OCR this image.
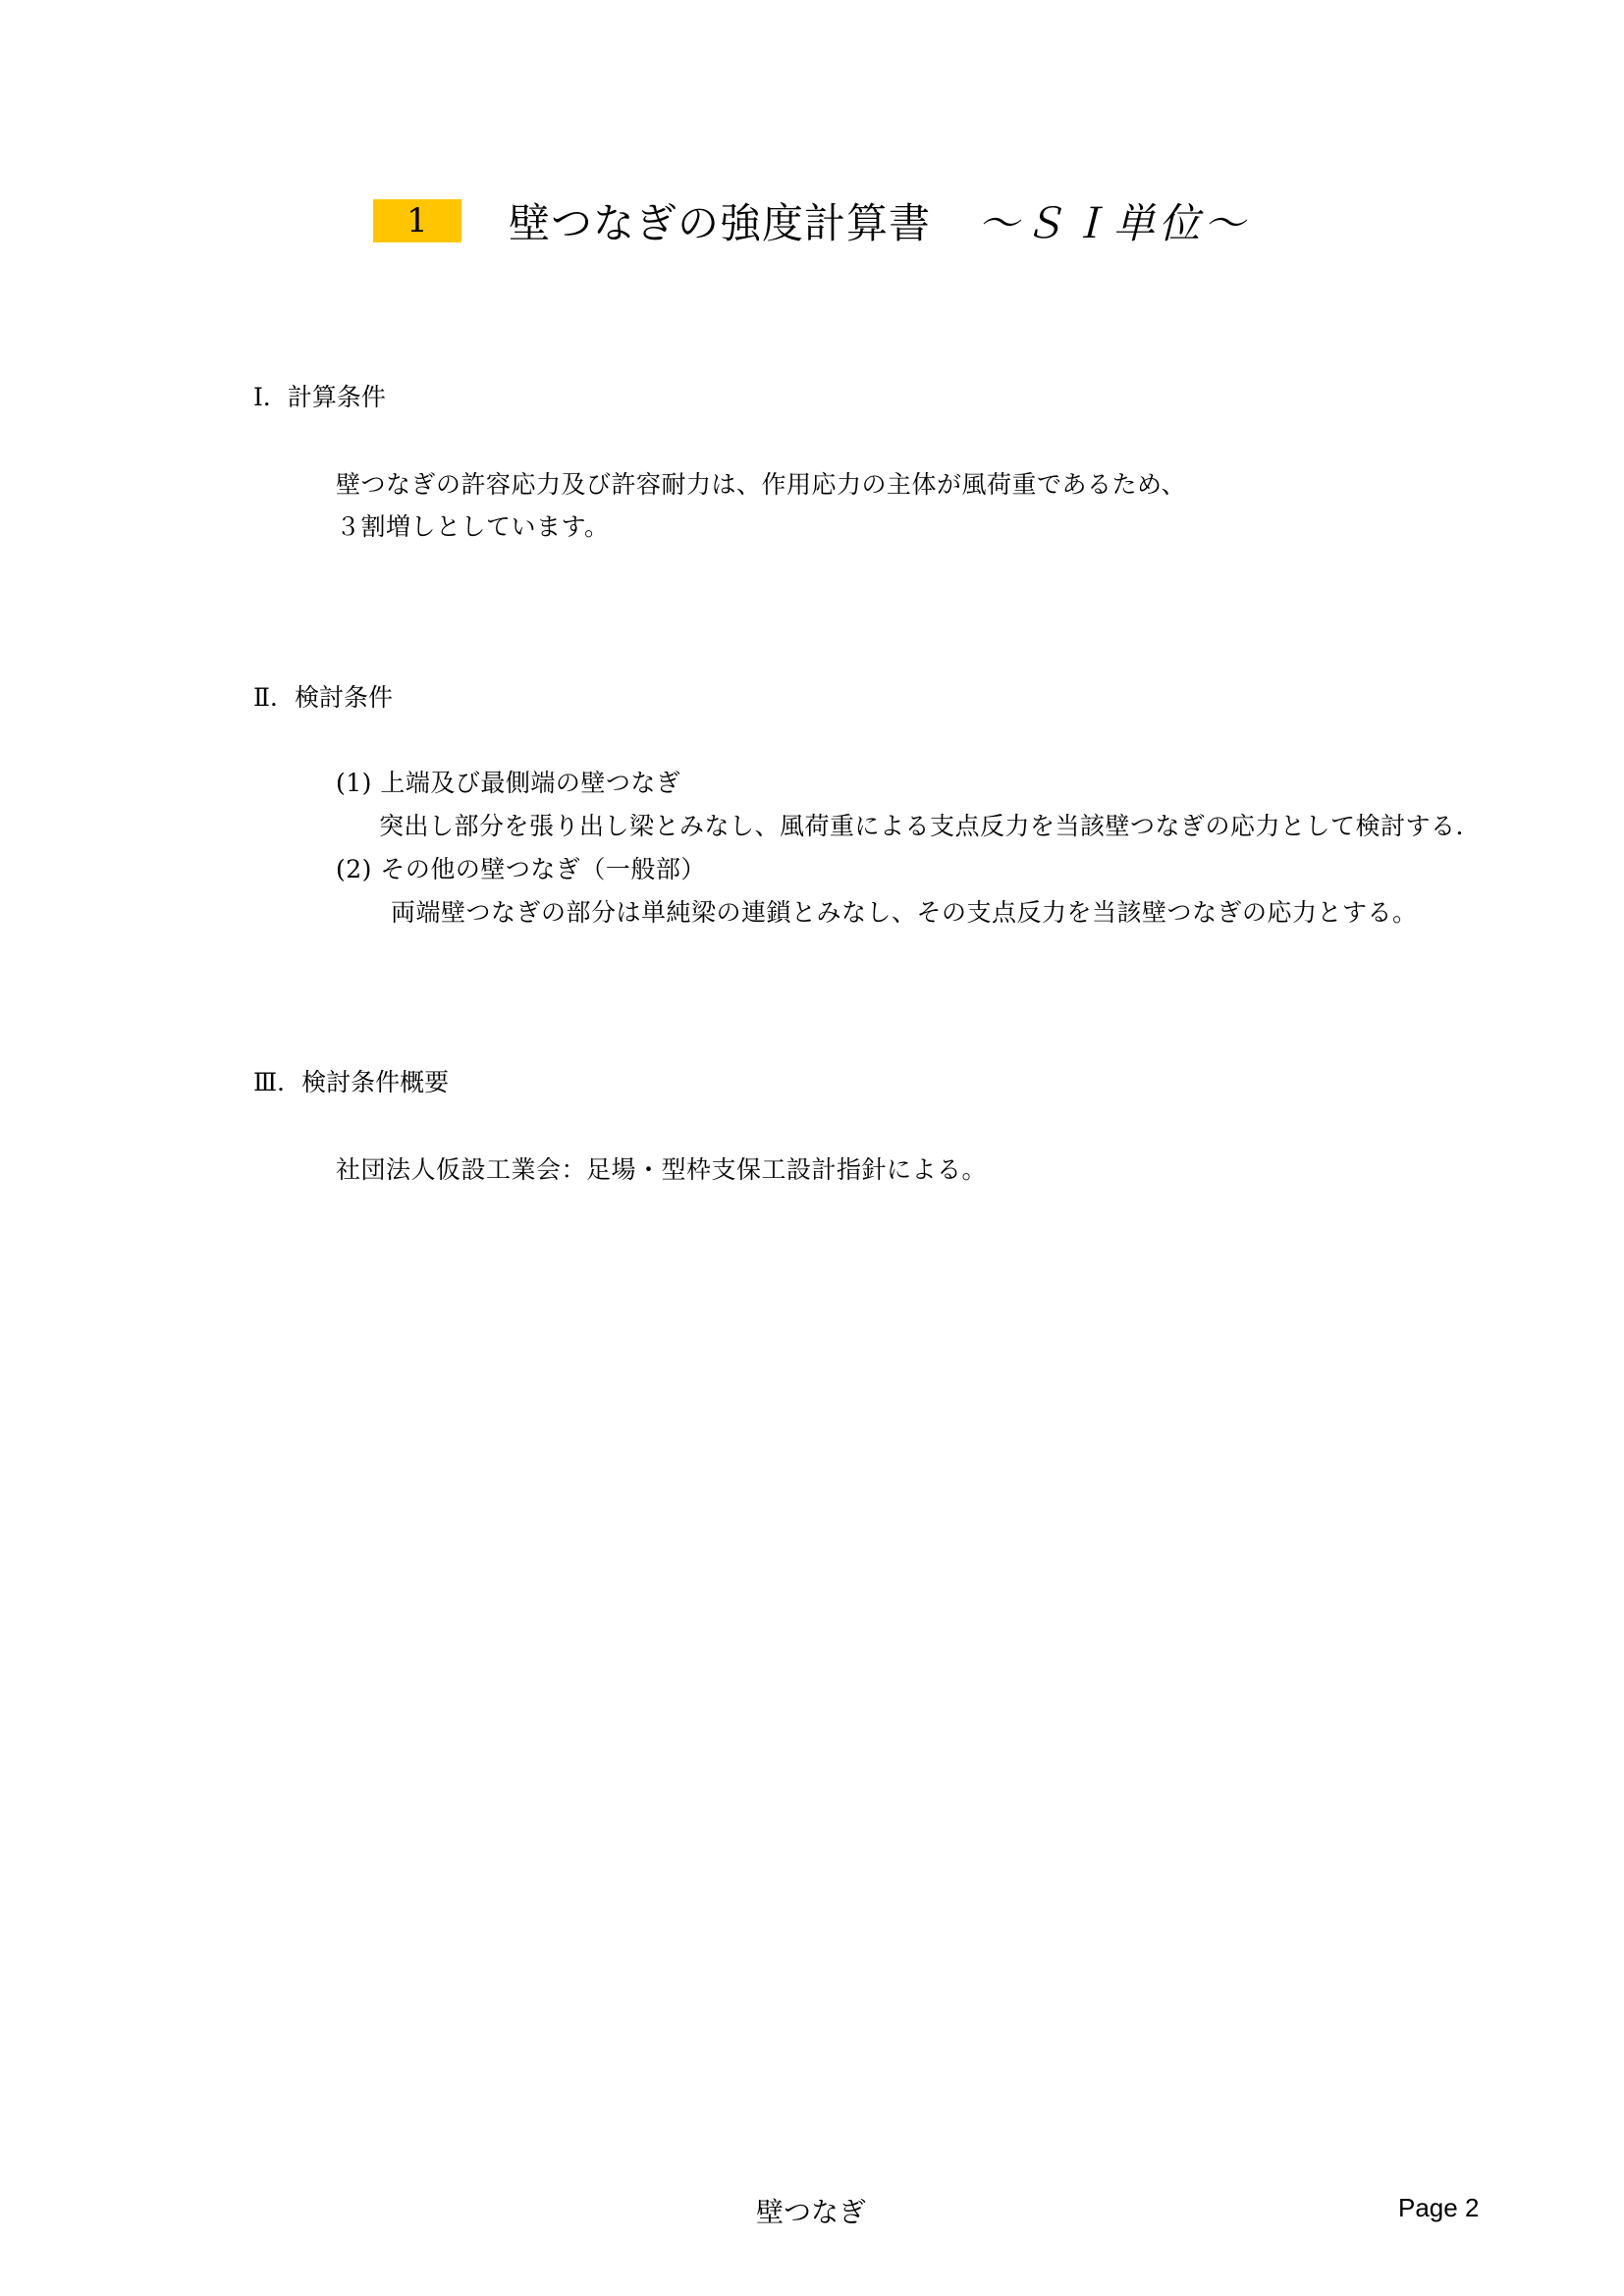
1	壁つなぎの強度計算書 ～ＳＩ単位～
Ⅰ．計算条件
壁つなぎの許容応力及び許容耐力は、作用応力の主体が風荷重であるため、
３割増しとしています。
Ⅱ．検討条件
(1) 上端及び最側端の壁つなぎ
突出し部分を張り出し梁とみなし、風荷重による支点反力を当該壁つなぎの応力として検討する.
(2) その他の壁つなぎ（一般部）
両端壁つなぎの部分は単純梁の連鎖とみなし、その支点反力を当該壁つなぎの応力とする。
Ⅲ．検討条件概要
社団法人仮設工業会：足場・型枠支保工設計指針による。
壁つなぎ	Page 2
